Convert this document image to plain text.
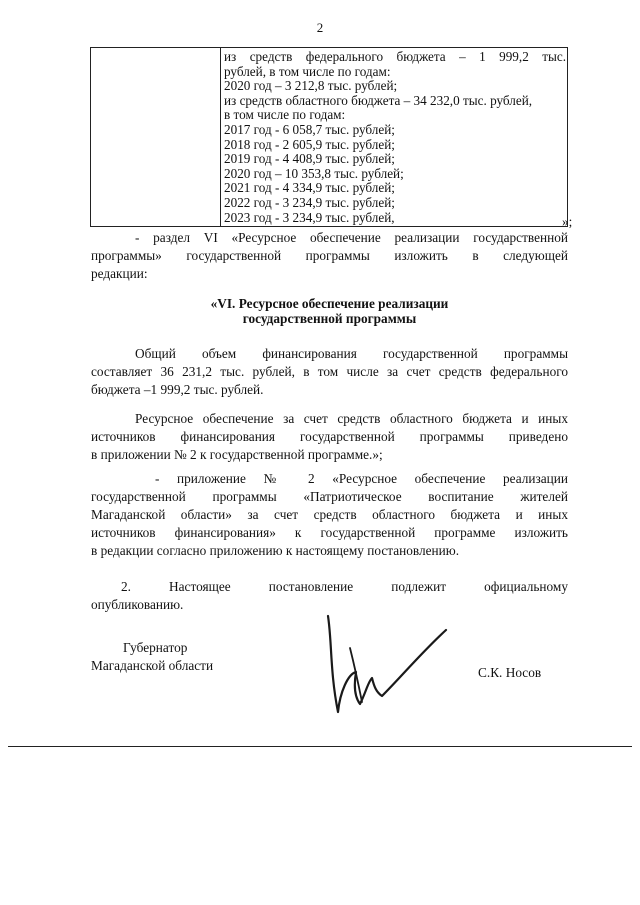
2
из средств федерального бюджета – 1 999,2 тыс.
рублей, в том числе по годам:
2020 год – 3 212,8 тыс. рублей;
из средств областного бюджета – 34 232,0 тыс. рублей,
в том числе по годам:
2017 год - 6 058,7 тыс. рублей;
2018 год - 2 605,9 тыс. рублей;
2019 год - 4 408,9 тыс. рублей;
2020 год – 10 353,8 тыс. рублей;
2021 год - 4 334,9 тыс. рублей;
2022 год - 3 234,9 тыс. рублей;
2023 год - 3 234,9 тыс. рублей,	»;
- раздел VI «Ресурсное обеспечение реализации государственной
программы» государственной программы изложить в следующей
редакции:
«VI. Ресурсное обеспечение реализации
государственной программы
Общий объем финансирования государственной программы
составляет 36 231,2 тыс. рублей, в том числе за счет средств федерального
бюджета –1 999,2 тыс. рублей.
Ресурсное обеспечение за счет средств областного бюджета и иных
источников финансирования государственной программы приведено
в приложении № 2 к государственной программе.»;
- приложение № 2 «Ресурсное обеспечение реализации
государственной программы «Патриотическое воспитание жителей
Магаданской области» за счет средств областного бюджета и иных
источников финансирования» к государственной программе изложить
в редакции согласно приложению к настоящему постановлению.
2. Настоящее постановление подлежит официальному
опубликованию.
Губернатор
Магаданской области	С.К. Носов
